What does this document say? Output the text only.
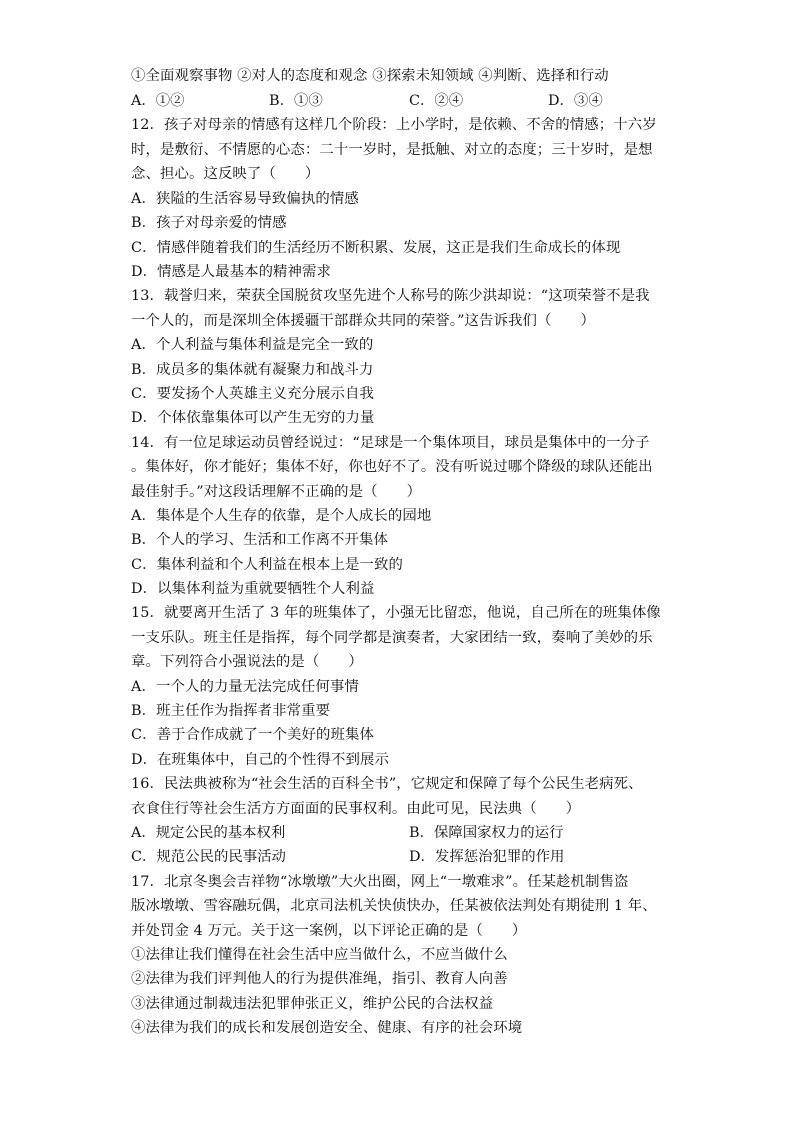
①全面观察事物 ②对人的态度和观念 ③探索未知领域 ④判断、选择和行动
A．①②	B．①③	C．②④	D．③④
12．孩子对母亲的情感有这样几个阶段：上小学时，是依赖、不舍的情感；十六岁
时，是敷衍、不情愿的心态：二十一岁时，是抵触、对立的态度；三十岁时，是想
念、担心。这反映了（　　）
A．狭隘的生活容易导致偏执的情感
B．孩子对母亲爱的情感
C．情感伴随着我们的生活经历不断积累、发展，这正是我们生命成长的体现
D．情感是人最基本的精神需求
13．载誉归来，荣获全国脱贫攻坚先进个人称号的陈少洪却说：“这项荣誉不是我
一个人的，而是深圳全体援疆干部群众共同的荣誉。”这告诉我们（　　）
A．个人利益与集体利益是完全一致的
B．成员多的集体就有凝聚力和战斗力
C．要发扬个人英雄主义充分展示自我
D．个体依靠集体可以产生无穷的力量
14．有一位足球运动员曾经说过：“足球是一个集体项目，球员是集体中的一分子
。集体好，你才能好；集体不好，你也好不了。没有听说过哪个降级的球队还能出
最佳射手。”对这段话理解不正确的是（　　）
A．集体是个人生存的依靠，是个人成长的园地
B．个人的学习、生活和工作离不开集体
C．集体利益和个人利益在根本上是一致的
D．以集体利益为重就要牺牲个人利益
15．就要离开生活了 3 年的班集体了，小强无比留恋，他说，自己所在的班集体像
一支乐队。班主任是指挥，每个同学都是演奏者，大家团结一致，奏响了美妙的乐
章。下列符合小强说法的是（　　）
A．一个人的力量无法完成任何事情
B．班主任作为指挥者非常重要
C．善于合作成就了一个美好的班集体
D．在班集体中，自己的个性得不到展示
16．民法典被称为“社会生活的百科全书”，它规定和保障了每个公民生老病死、
衣食住行等社会生活方方面面的民事权利。由此可见，民法典（　　）
A．规定公民的基本权利	B．保障国家权力的运行
C．规范公民的民事活动	D．发挥惩治犯罪的作用
17．北京冬奥会吉祥物“冰墩墩”大火出圈，网上“一墩难求”。任某趁机制售盗
版冰墩墩、雪容融玩偶，北京司法机关快侦快办，任某被依法判处有期徒刑 1 年、
并处罚金 4 万元。关于这一案例，以下评论正确的是（　　）
①法律让我们懂得在社会生活中应当做什么，不应当做什么
②法律为我们评判他人的行为提供准绳，指引、教育人向善
③法律通过制裁违法犯罪伸张正义，维护公民的合法权益
④法律为我们的成长和发展创造安全、健康、有序的社会环境
